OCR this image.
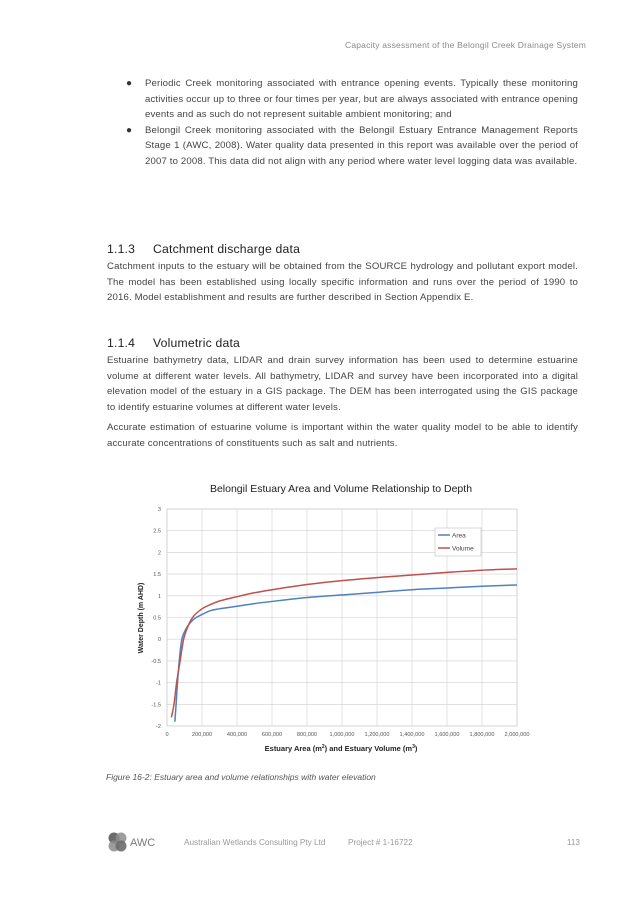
Capacity assessment of the Belongil Creek Drainage System
● Periodic Creek monitoring associated with entrance opening events. Typically these monitoring activities occur up to three or four times per year, but are always associated with entrance opening events and as such do not represent suitable ambient monitoring; and
● Belongil Creek monitoring associated with the Belongil Estuary Entrance Management Reports Stage 1 (AWC, 2008). Water quality data presented in this report was available over the period of 2007 to 2008. This data did not align with any period where water level logging data was available.
1.1.3 Catchment discharge data

Catchment inputs to the estuary will be obtained from the SOURCE hydrology and pollutant export model. The model has been established using locally specific information and runs over the period of 1990 to 2016. Model establishment and results are further described in Section Appendix E.

1.1.4 Volumetric data

Estuarine bathymetry data, LIDAR and drain survey information has been used to determine estuarine volume at different water levels. All bathymetry, LIDAR and survey have been incorporated into a digital elevation model of the estuary in a GIS package. The DEM has been interrogated using the GIS package to identify estuarine volumes at different water levels.

Accurate estimation of estuarine volume is important within the water quality model to be able to identify accurate concentrations of constituents such as salt and nutrients.

Belongil Estuary Area and Volume Relationship to Depth
0	200,000	400,000	600,000	800,000 1,000,000 1,200,000 1,400,000 1,600,000 1,800,000 2,000,000
-2
-1.5
-1
-0.5
0
0.5
1
1.5
2
2.5
3
Estuary Area $(m^2)$ and Estuary Volume $(m^3)$
Water Depth (m AHD)
Area
Volume
Figure 16-2: Estuary area and volume relationships with water elevation
AWC	Australian Wetlands Consulting Pty Ltd	Project # 1-16722	113
